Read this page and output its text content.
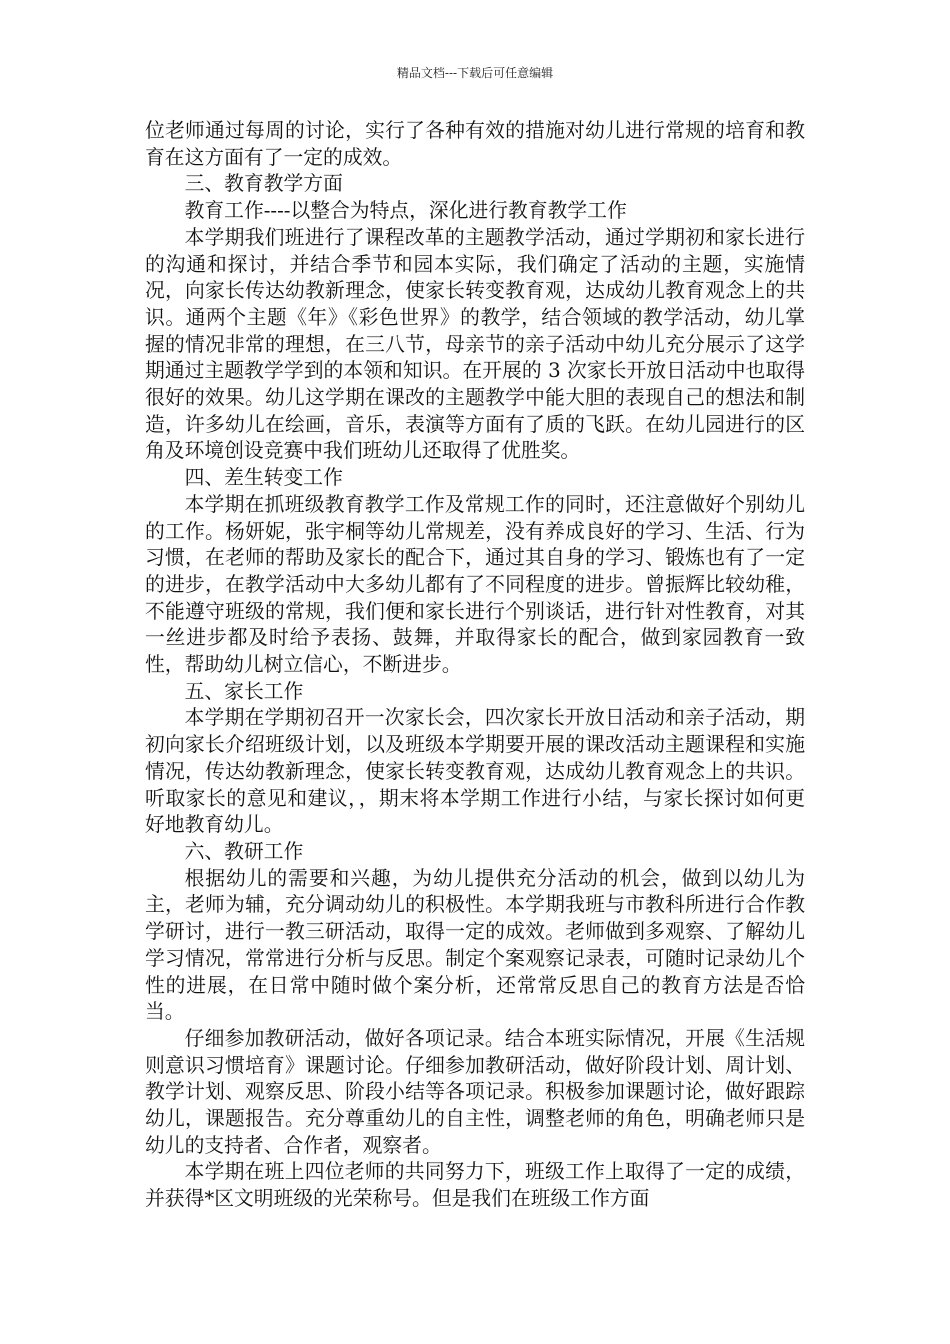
精品文档---下载后可任意编辑

位老师通过每周的讨论，实行了各种有效的措施对幼儿进行常规的培育和教育在这方面有了一定的成效。

三、教育教学方面

教育工作----以整合为特点，深化进行教育教学工作

本学期我们班进行了课程改革的主题教学活动，通过学期初和家长进行的沟通和探讨，并结合季节和园本实际，我们确定了活动的主题，实施情况，向家长传达幼教新理念，使家长转变教育观，达成幼儿教育观念上的共识。通两个主题《年》《彩色世界》的教学，结合领域的教学活动，幼儿掌握的情况非常的理想，在三八节，母亲节的亲子活动中幼儿充分展示了这学期通过主题教学学到的本领和知识。在开展的 3 次家长开放日活动中也取得很好的效果。幼儿这学期在课改的主题教学中能大胆的表现自己的想法和制造，许多幼儿在绘画，音乐，表演等方面有了质的飞跃。在幼儿园进行的区角及环境创设竞赛中我们班幼儿还取得了优胜奖。

四、差生转变工作

本学期在抓班级教育教学工作及常规工作的同时，还注意做好个别幼儿的工作。杨妍妮，张宇桐等幼儿常规差，没有养成良好的学习、生活、行为习惯，在老师的帮助及家长的配合下，通过其自身的学习、锻炼也有了一定的进步，在教学活动中大多幼儿都有了不同程度的进步。曾振辉比较幼稚，不能遵守班级的常规，我们便和家长进行个别谈话，进行针对性教育，对其一丝进步都及时给予表扬、鼓舞，并取得家长的配合，做到家园教育一致性，帮助幼儿树立信心，不断进步。

五、家长工作

本学期在学期初召开一次家长会，四次家长开放日活动和亲子活动，期初向家长介绍班级计划，以及班级本学期要开展的课改活动主题课程和实施情况，传达幼教新理念，使家长转变教育观，达成幼儿教育观念上的共识。听取家长的意见和建议，，期末将本学期工作进行小结，与家长探讨如何更好地教育幼儿。

六、教研工作

根据幼儿的需要和兴趣，为幼儿提供充分活动的机会，做到以幼儿为主，老师为辅，充分调动幼儿的积极性。本学期我班与市教科所进行合作教学研讨，进行一教三研活动，取得一定的成效。老师做到多观察、了解幼儿学习情况，常常进行分析与反思。制定个案观察记录表，可随时记录幼儿个性的进展，在日常中随时做个案分析，还常常反思自己的教育方法是否恰当。

仔细参加教研活动，做好各项记录。结合本班实际情况，开展《生活规则意识习惯培育》课题讨论。仔细参加教研活动，做好阶段计划、周计划、教学计划、观察反思、阶段小结等各项记录。积极参加课题讨论，做好跟踪幼儿，课题报告。充分尊重幼儿的自主性，调整老师的角色，明确老师只是幼儿的支持者、合作者，观察者。

本学期在班上四位老师的共同努力下，班级工作上取得了一定的成绩，并获得*区文明班级的光荣称号。但是我们在班级工作方面
